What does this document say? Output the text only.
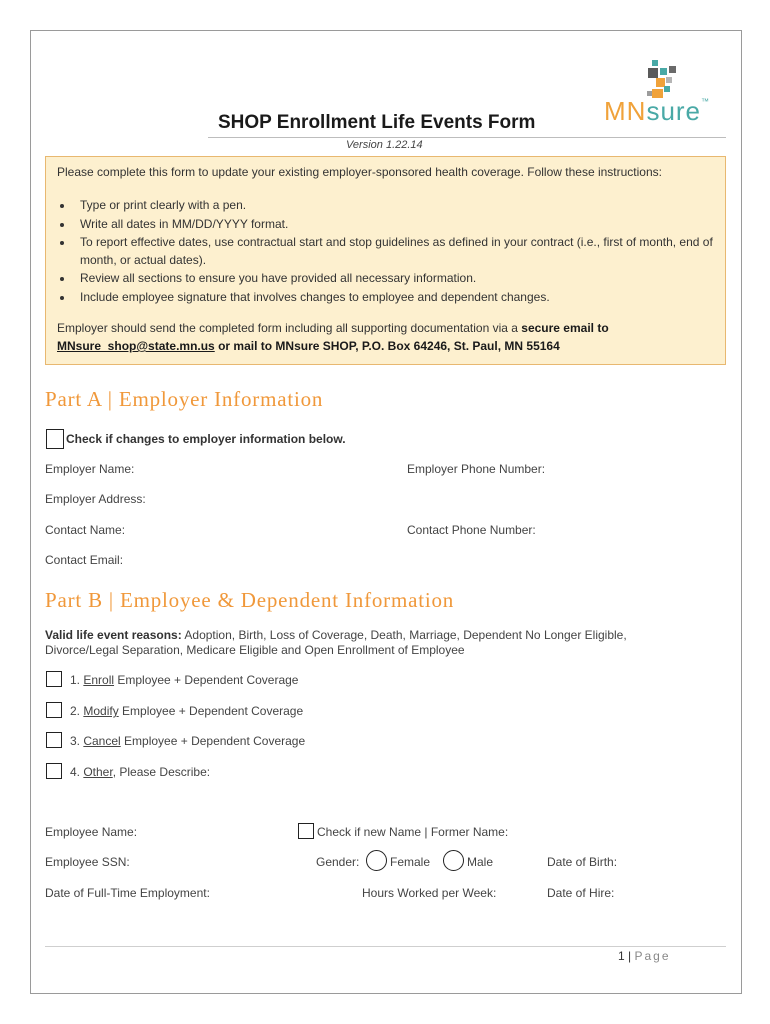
SHOP Enrollment Life Events Form
Version 1.22.14
MNsure™
Please complete this form to update your existing employer-sponsored health coverage. Follow these instructions:
Type or print clearly with a pen.
Write all dates in MM/DD/YYYY format.
To report effective dates, use contractual start and stop guidelines as defined in your contract (i.e., first of month, end of month, or actual dates).
Review all sections to ensure you have provided all necessary information.
Include employee signature that involves changes to employee and dependent changes.
Employer should send the completed form including all supporting documentation via a secure email to
MNsure_shop@state.mn.us or mail to MNsure SHOP, P.O. Box 64246, St. Paul, MN 55164
Part A | Employer Information
Check if changes to employer information below.
Employer Name:	Employer Phone Number:
Employer Address:
Contact Name:	Contact Phone Number:
Contact Email:
Part B | Employee & Dependent Information
Valid life event reasons: Adoption, Birth, Loss of Coverage, Death, Marriage, Dependent No Longer Eligible,
Divorce/Legal Separation, Medicare Eligible and Open Enrollment of Employee
1. Enroll Employee + Dependent Coverage
2. Modify Employee + Dependent Coverage
3. Cancel Employee + Dependent Coverage
4. Other, Please Describe:
Employee Name:	Check if new Name | Former Name:
Employee SSN:	Gender:	Female	Male	Date of Birth:
Date of Full-Time Employment:	Hours Worked per Week:	Date of Hire:
1 | Page
